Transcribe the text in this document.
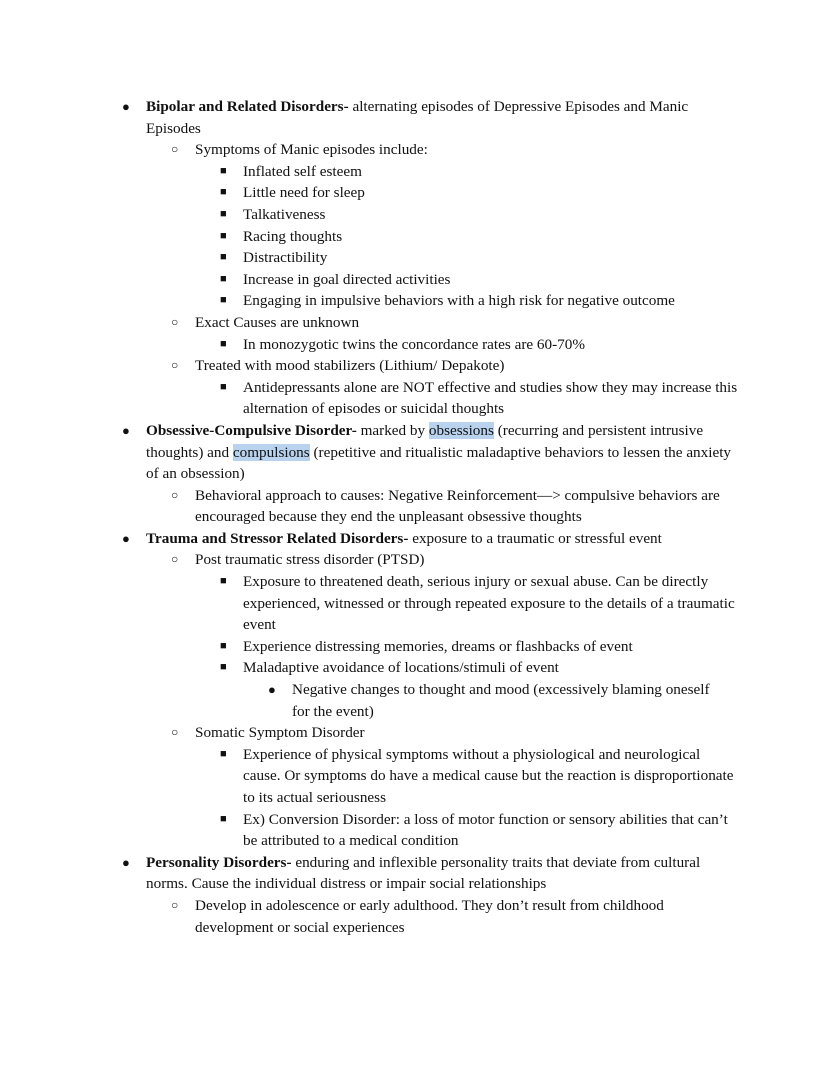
● Bipolar and Related Disorders- alternating episodes of Depressive Episodes and Manic Episodes
○ Symptoms of Manic episodes include:
■ Inflated self esteem
■ Little need for sleep
■ Talkativeness
■ Racing thoughts
■ Distractibility
■ Increase in goal directed activities
■ Engaging in impulsive behaviors with a high risk for negative outcome
○ Exact Causes are unknown
■ In monozygotic twins the concordance rates are 60-70%
○ Treated with mood stabilizers (Lithium/ Depakote)
■ Antidepressants alone are NOT effective and studies show they may increase this alternation of episodes or suicidal thoughts
● Obsessive-Compulsive Disorder- marked by obsessions (recurring and persistent intrusive thoughts) and compulsions (repetitive and ritualistic maladaptive behaviors to lessen the anxiety of an obsession)
○ Behavioral approach to causes: Negative Reinforcement—> compulsive behaviors are encouraged because they end the unpleasant obsessive thoughts
● Trauma and Stressor Related Disorders- exposure to a traumatic or stressful event
○ Post traumatic stress disorder (PTSD)
■ Exposure to threatened death, serious injury or sexual abuse. Can be directly experienced, witnessed or through repeated exposure to the details of a traumatic event
■ Experience distressing memories, dreams or flashbacks of event
■ Maladaptive avoidance of locations/stimuli of event
● Negative changes to thought and mood (excessively blaming oneself for the event)
○ Somatic Symptom Disorder
■ Experience of physical symptoms without a physiological and neurological cause. Or symptoms do have a medical cause but the reaction is disproportionate to its actual seriousness
■ Ex) Conversion Disorder: a loss of motor function or sensory abilities that can’t be attributed to a medical condition
● Personality Disorders- enduring and inflexible personality traits that deviate from cultural norms. Cause the individual distress or impair social relationships
○ Develop in adolescence or early adulthood. They don’t result from childhood development or social experiences
